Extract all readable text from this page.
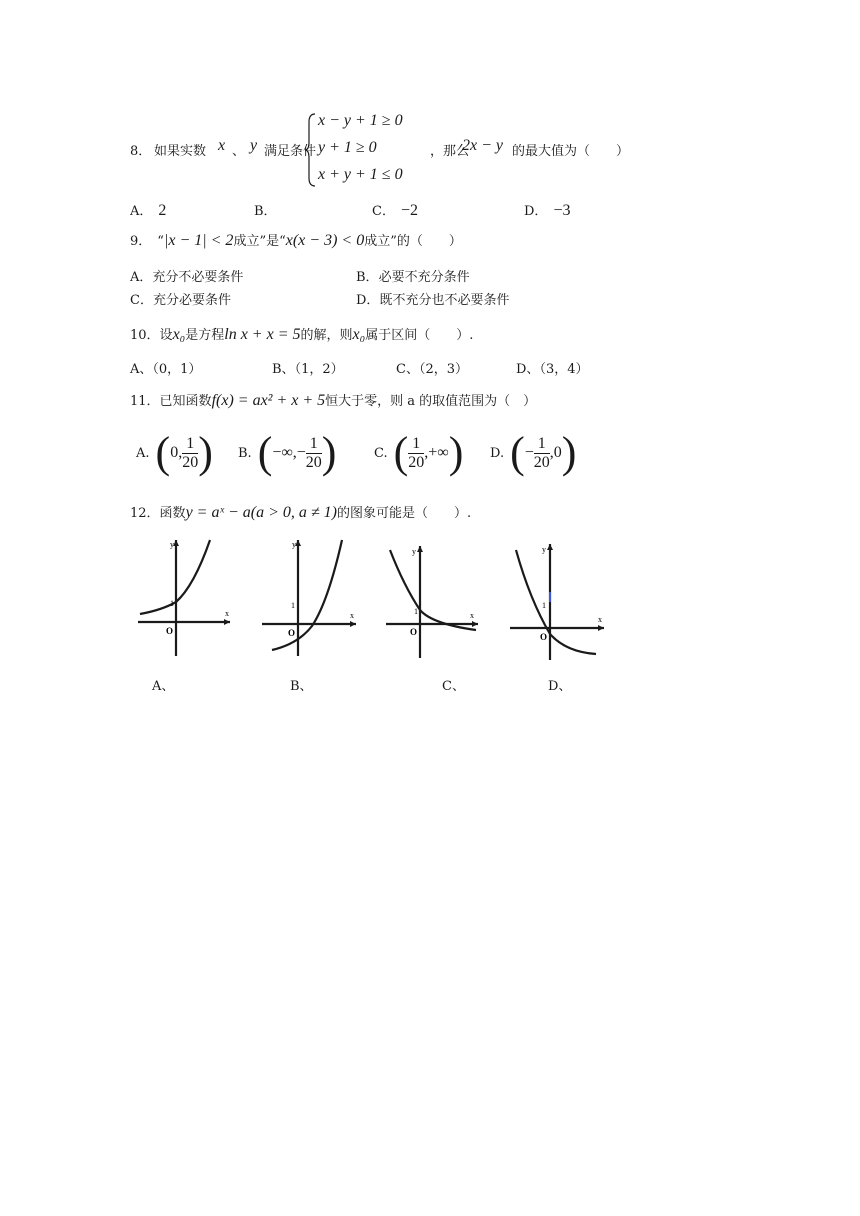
8． 如果实数 x 、 y 满足条件
x − y + 1 ≥ 0
y + 1 ≥ 0
x + y + 1 ≤ 0
，那么
2x − y 的最大值为（　　）
A． 2	B．	C． −2	D． −3
9． “|x − 1| < 2成立”是“x(x − 3) < 0成立”的（　　）
A．充分不必要条件	B．必要不充分条件
C．充分必要条件	D．既不充分也不必要条件
10．设x₀是方程ln x + x = 5的解，则x₀属于区间（　　）.
A、（0，1）	B、（1，2）	C、（2，3）	D、（3，4）
11．已知函数f(x) = ax² + x + 5恒大于零，则 a 的取值范围为（　）
A. ( 0, $\frac{1}{20}$ ) B. ( −∞,− $\frac{1}{20}$ )	C. ( $\frac{1}{20}$ ,+∞ ) D. ( − $\frac{1}{20} ,0$ )
12．函数y = aˣ − a(a > 0, a ≠ 1)的图象可能是（　　）.
y
x
O
1
y
x
O
1
y
x
O
1
y
x
O
1
A、	B、	C、	D、
